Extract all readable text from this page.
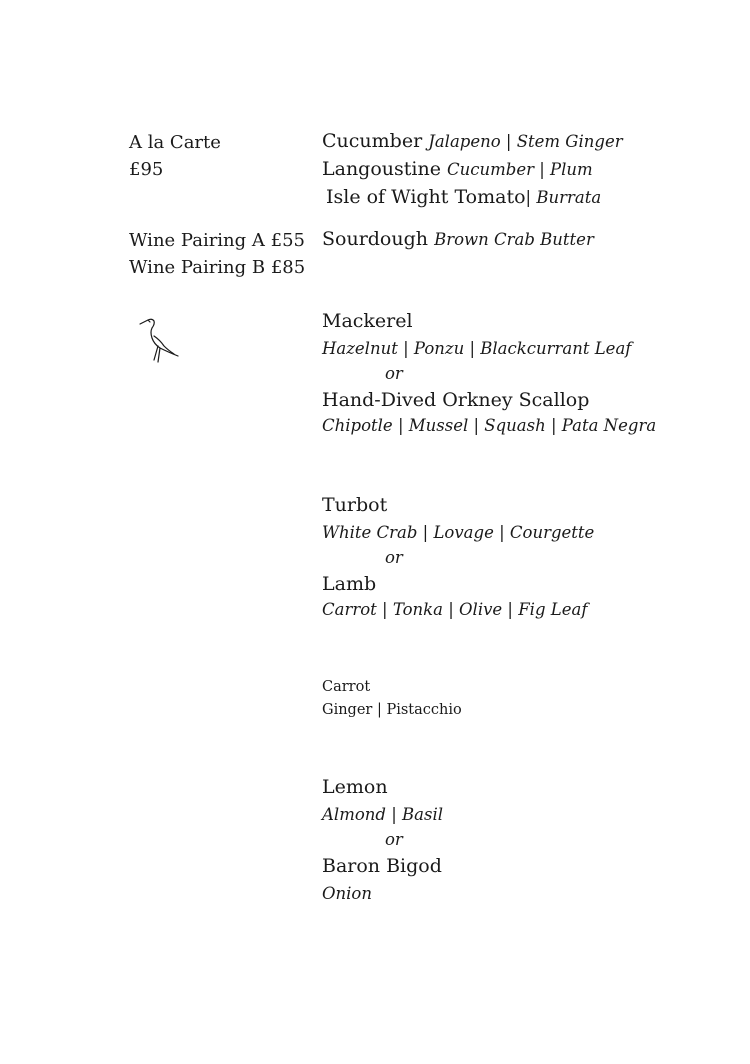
A la Carte
£95
Wine Pairing A £55
Wine Pairing B £85
Cucumber Jalapeno | Stem Ginger
Langoustine Cucumber | Plum
Isle of Wight Tomato| Burrata
Sourdough Brown Crab Butter
Mackerel
Hazelnut | Ponzu | Blackcurrant Leaf
or
Hand-Dived Orkney Scallop
Chipotle | Mussel | Squash | Pata Negra
Turbot
White Crab | Lovage | Courgette
or
Lamb
Carrot | Tonka | Olive | Fig Leaf
Carrot
Ginger | Pistacchio
Lemon
Almond | Basil
or
Baron Bigod
Onion
